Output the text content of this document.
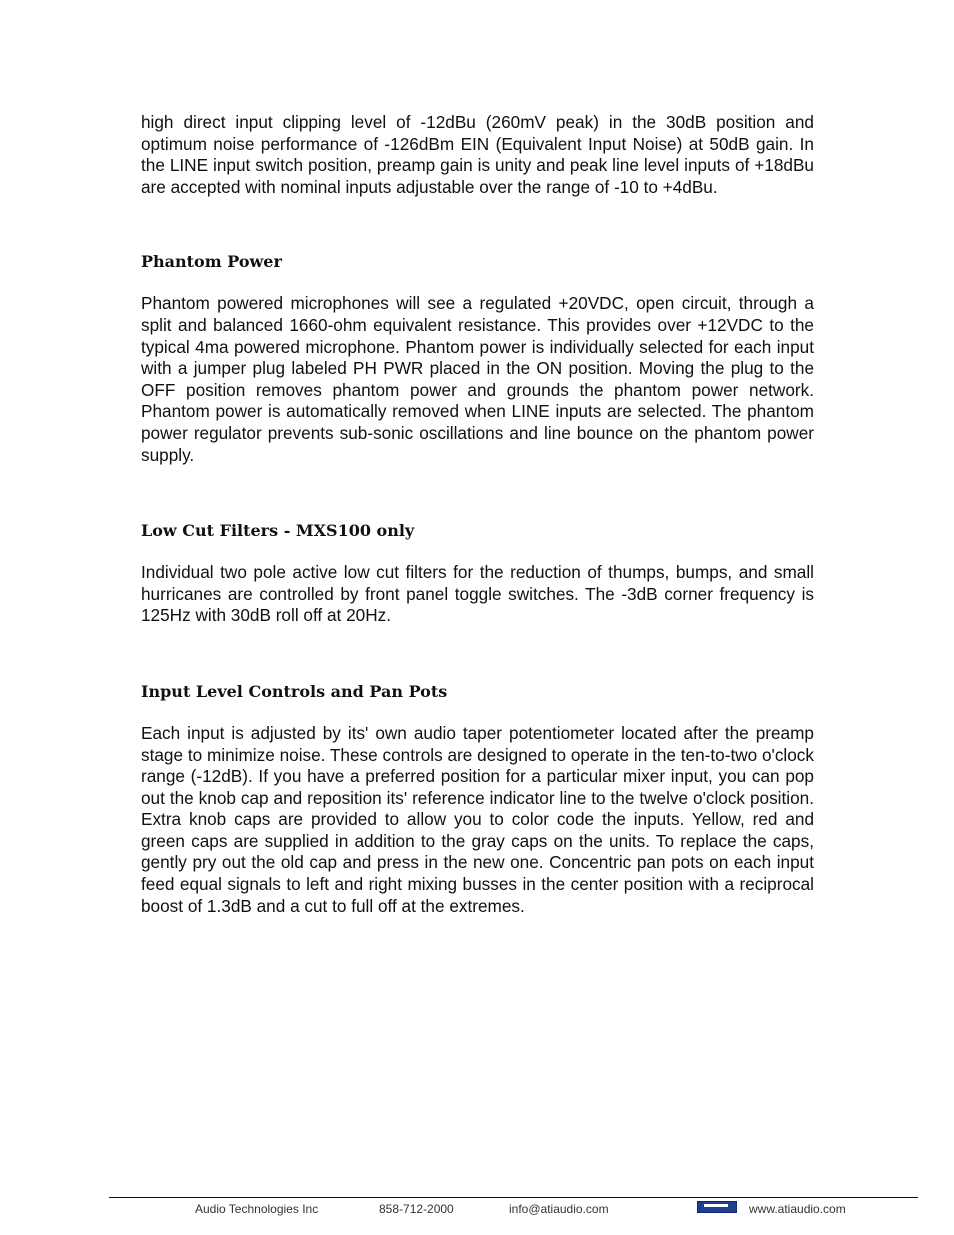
high direct input clipping level of -12dBu (260mV peak) in the 30dB position and optimum noise performance of -126dBm EIN (Equivalent Input Noise) at 50dB gain. In the LINE input switch position, preamp gain is unity and peak line level inputs of +18dBu are accepted with nominal inputs adjustable over the range of -10 to +4dBu.

Phantom Power

Phantom powered microphones will see a regulated +20VDC, open circuit, through a split and balanced 1660-ohm equivalent resistance. This provides over +12VDC to the typical 4ma powered microphone. Phantom power is individually selected for each input with a jumper plug labeled PH PWR placed in the ON position. Moving the plug to the OFF position removes phantom power and grounds the phantom power network. Phantom power is automatically removed when LINE inputs are selected. The phantom power regulator prevents sub-sonic oscillations and line bounce on the phantom power supply.

Low Cut Filters - MXS100 only

Individual two pole active low cut filters for the reduction of thumps, bumps, and small hurricanes are controlled by front panel toggle switches. The -3dB corner frequency is 125Hz with 30dB roll off at 20Hz.

Input Level Controls and Pan Pots

Each input is adjusted by its' own audio taper potentiometer located after the preamp stage to minimize noise. These controls are designed to operate in the ten-to-two o'clock range (-12dB). If you have a preferred position for a particular mixer input, you can pop out the knob cap and reposition its' reference indicator line to the twelve o'clock position. Extra knob caps are provided to allow you to color code the inputs. Yellow, red and green caps are supplied in addition to the gray caps on the units. To replace the caps, gently pry out the old cap and press in the new one. Concentric pan pots on each input feed equal signals to left and right mixing busses in the center position with a reciprocal boost of 1.3dB and a cut to full off at the extremes.

Audio Technologies Inc	858-712-2000	info@atiaudio.com	www.atiaudio.com
